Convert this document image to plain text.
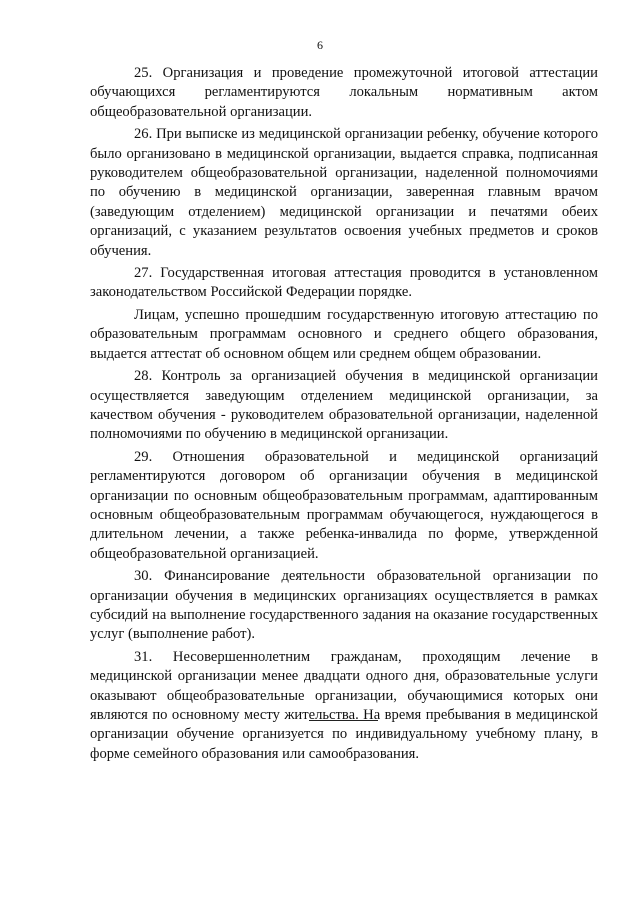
6

25. Организация и проведение промежуточной итоговой аттестации обучающихся регламентируются локальным нормативным актом общеобразовательной организации.

26. При выписке из медицинской организации ребенку, обучение которого было организовано в медицинской организации, выдается справка, подписанная руководителем общеобразовательной организации, наделенной полномочиями по обучению в медицинской организации, заверенная главным врачом (заведующим отделением) медицинской организации и печатями обеих организаций, с указанием результатов освоения учебных предметов и сроков обучения.

27. Государственная итоговая аттестация проводится в установленном законодательством Российской Федерации порядке.

Лицам, успешно прошедшим государственную итоговую аттестацию по образовательным программам основного и среднего общего образования, выдается аттестат об основном общем или среднем общем образовании.

28. Контроль за организацией обучения в медицинской организации осуществляется заведующим отделением медицинской организации, за качеством обучения - руководителем образовательной организации, наделенной полномочиями по обучению в медицинской организации.

29. Отношения образовательной и медицинской организаций регламентируются договором об организации обучения в медицинской организации по основным общеобразовательным программам, адаптированным основным общеобразовательным программам обучающегося, нуждающегося в длительном лечении, а также ребенка-инвалида по форме, утвержденной общеобразовательной организацией.

30. Финансирование деятельности образовательной организации по организации обучения в медицинских организациях осуществляется в рамках субсидий на выполнение государственного задания на оказание государственных услуг (выполнение работ).

31. Несовершеннолетним гражданам, проходящим лечение в медицинской организации менее двадцати одного дня, образовательные услуги оказывают общеобразовательные организации, обучающимися которых они являются по основному месту жительства. На время пребывания в медицинской организации обучение организуется по индивидуальному учебному плану, в форме семейного образования или самообразования.
